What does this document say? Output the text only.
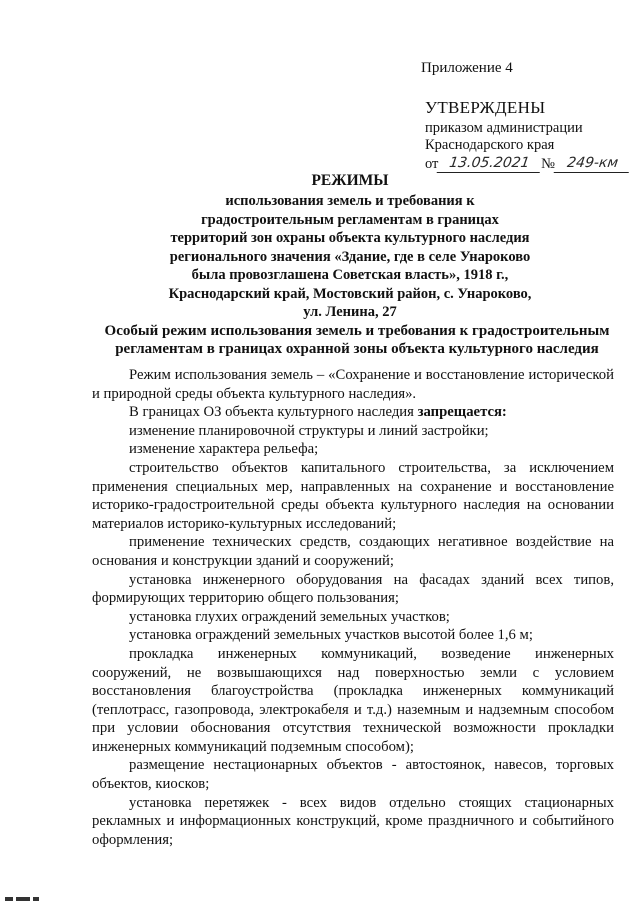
Приложение 4
УТВЕРЖДЕНЫ
приказом администрации
Краснодарского края
от 13.05.2021 № 249-км
РЕЖИМЫ
использования земель и требования к
градостроительным регламентам в границах
территорий зон охраны объекта культурного наследия
регионального значения «Здание, где в селе Унароково
была провозглашена Советская власть», 1918 г.,
Краснодарский край, Мостовский район, с. Унароково,
ул. Ленина, 27
Особый режим использования земель и требования к градостроительным
регламентам в границах охранной зоны объекта культурного наследия

Режим использования земель – «Сохранение и восстановление исторической и природной среды объекта культурного наследия».

В границах ОЗ объекта культурного наследия запрещается:

изменение планировочной структуры и линий застройки;

изменение характера рельефа;

строительство объектов капитального строительства, за исключением применения специальных мер, направленных на сохранение и восстановление историко-градостроительной среды объекта культурного наследия на основании материалов историко-культурных исследований;

применение технических средств, создающих негативное воздействие на основания и конструкции зданий и сооружений;

установка инженерного оборудования на фасадах зданий всех типов, формирующих территорию общего пользования;

установка глухих ограждений земельных участков;

установка ограждений земельных участков высотой более 1,6 м;

прокладка инженерных коммуникаций, возведение инженерных сооружений, не возвышающихся над поверхностью земли с условием восстановления благоустройства (прокладка инженерных коммуникаций (теплотрасс, газопровода, электрокабеля и т.д.) наземным и надземным способом при условии обоснования отсутствия технической возможности прокладки инженерных коммуникаций подземным способом);

размещение нестационарных объектов - автостоянок, навесов, торговых объектов, киосков;

установка перетяжек - всех видов отдельно стоящих стационарных рекламных и информационных конструкций, кроме праздничного и событийного оформления;
